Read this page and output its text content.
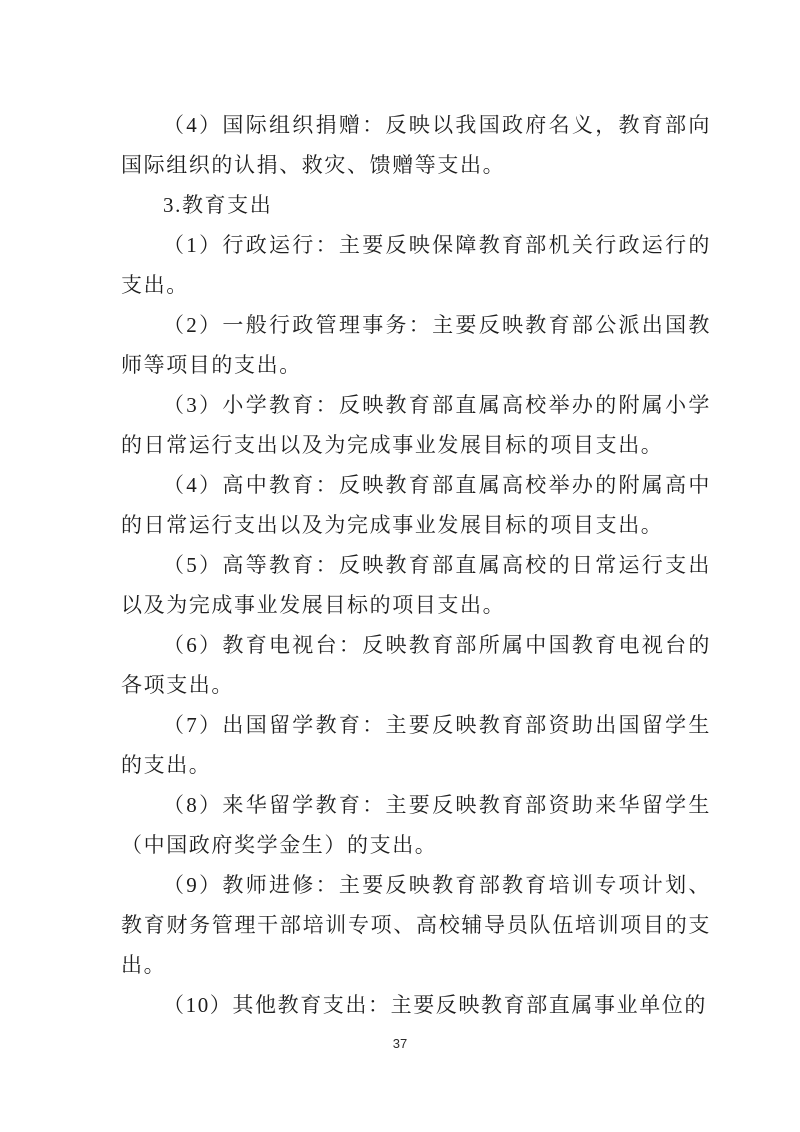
（4）国际组织捐赠：反映以我国政府名义，教育部向国际组织的认捐、救灾、馈赠等支出。

3.教育支出

（1）行政运行：主要反映保障教育部机关行政运行的支出。

（2）一般行政管理事务：主要反映教育部公派出国教师等项目的支出。

（3）小学教育：反映教育部直属高校举办的附属小学的日常运行支出以及为完成事业发展目标的项目支出。

（4）高中教育：反映教育部直属高校举办的附属高中的日常运行支出以及为完成事业发展目标的项目支出。

（5）高等教育：反映教育部直属高校的日常运行支出以及为完成事业发展目标的项目支出。

（6）教育电视台：反映教育部所属中国教育电视台的各项支出。

（7）出国留学教育：主要反映教育部资助出国留学生的支出。

（8）来华留学教育：主要反映教育部资助来华留学生（中国政府奖学金生）的支出。

（9）教师进修：主要反映教育部教育培训专项计划、教育财务管理干部培训专项、高校辅导员队伍培训项目的支出。

（10）其他教育支出：主要反映教育部直属事业单位的

37
